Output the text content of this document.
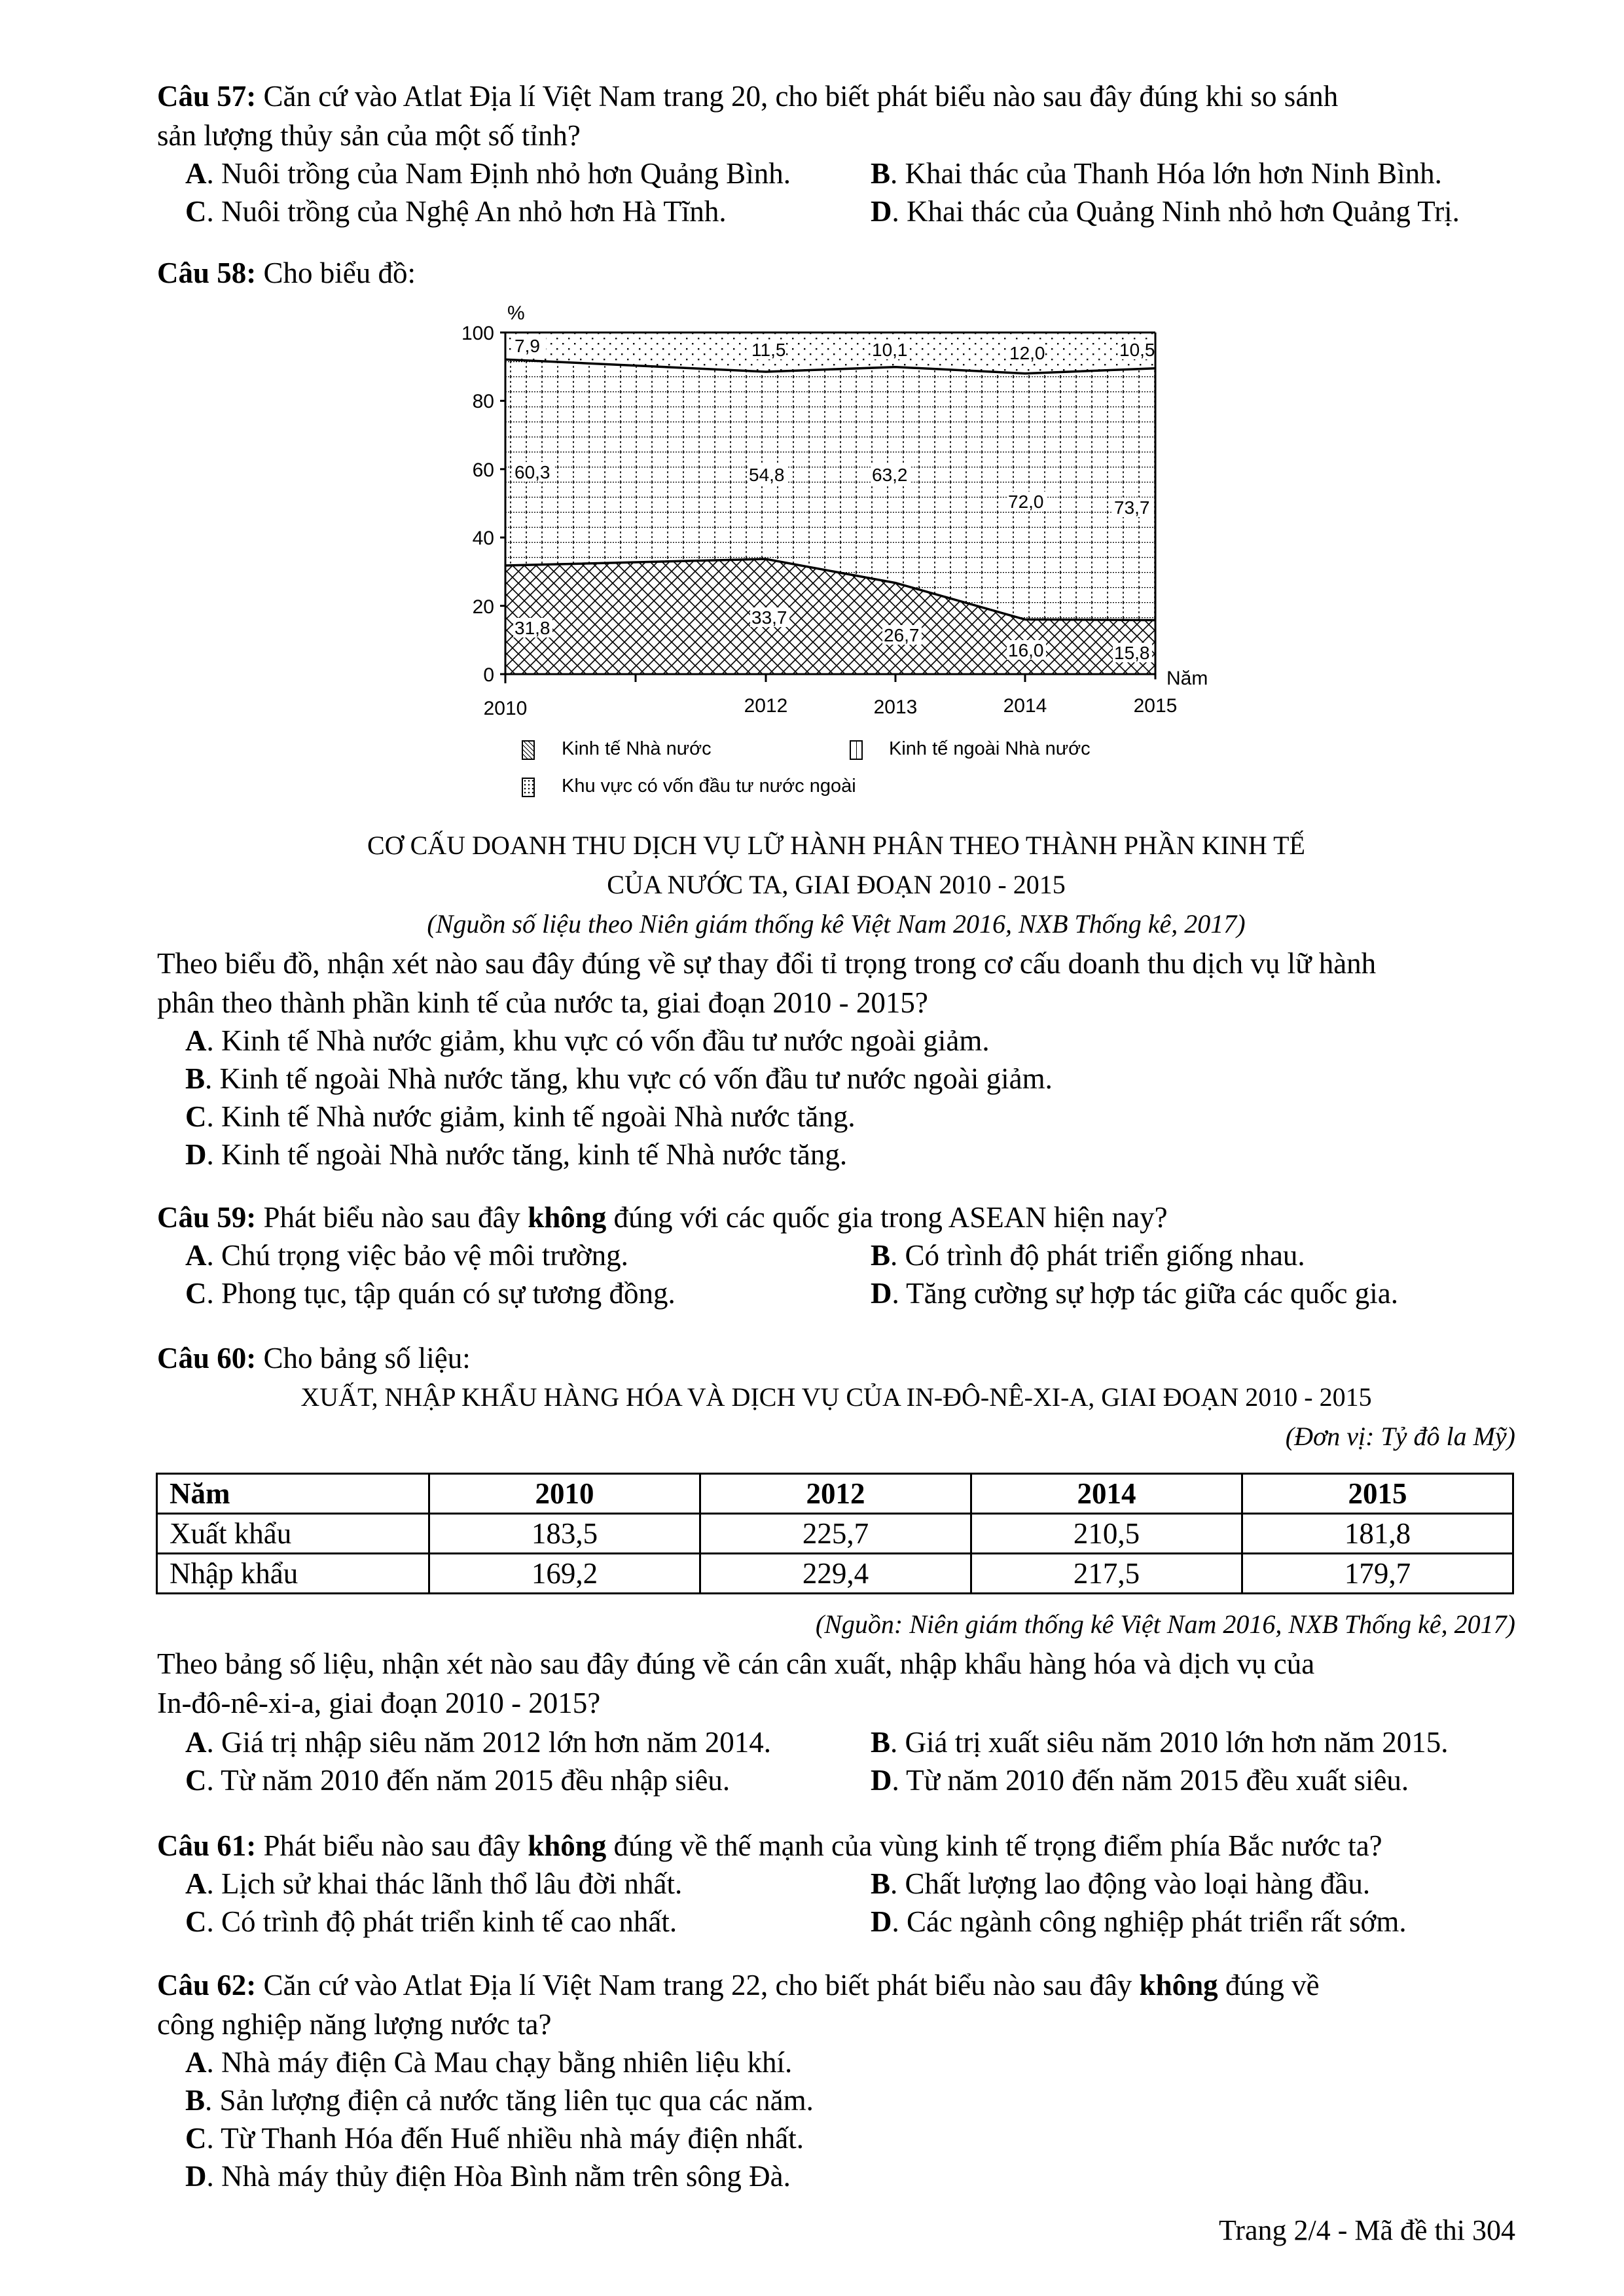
Câu 57: Căn cứ vào Atlat Địa lí Việt Nam trang 20, cho biết phát biểu nào sau đây đúng khi so sánh
sản lượng thủy sản của một số tỉnh?
A. Nuôi trồng của Nam Định nhỏ hơn Quảng Bình.	B. Khai thác của Thanh Hóa lớn hơn Ninh Bình.
C. Nuôi trồng của Nghệ An nhỏ hơn Hà Tĩnh.	D. Khai thác của Quảng Ninh nhỏ hơn Quảng Trị.
Câu 58: Cho biểu đồ:
%
100
80
60
40
20
0
2010	2012	2013	2014	2015
Năm
7,9	11,5	10,1	12,0	10,5
60,3	54,8	63,2
72,0	73,7
31,8
33,7
26,7
16,0	15,8
Kinh tế Nhà nước	Kinh tế ngoài Nhà nước
Khu vực có vốn đầu tư nước ngoài
CƠ CẤU DOANH THU DỊCH VỤ LỮ HÀNH PHÂN THEO THÀNH PHẦN KINH TẾ
CỦA NƯỚC TA, GIAI ĐOẠN 2010 - 2015
(Nguồn số liệu theo Niên giám thống kê Việt Nam 2016, NXB Thống kê, 2017)
Theo biểu đồ, nhận xét nào sau đây đúng về sự thay đổi tỉ trọng trong cơ cấu doanh thu dịch vụ lữ hành
phân theo thành phần kinh tế của nước ta, giai đoạn 2010 - 2015?
A. Kinh tế Nhà nước giảm, khu vực có vốn đầu tư nước ngoài giảm.
B. Kinh tế ngoài Nhà nước tăng, khu vực có vốn đầu tư nước ngoài giảm.
C. Kinh tế Nhà nước giảm, kinh tế ngoài Nhà nước tăng.
D. Kinh tế ngoài Nhà nước tăng, kinh tế Nhà nước tăng.
Câu 59: Phát biểu nào sau đây không đúng với các quốc gia trong ASEAN hiện nay?
A. Chú trọng việc bảo vệ môi trường.	B. Có trình độ phát triển giống nhau.
C. Phong tục, tập quán có sự tương đồng.	D. Tăng cường sự hợp tác giữa các quốc gia.
Câu 60: Cho bảng số liệu:
XUẤT, NHẬP KHẨU HÀNG HÓA VÀ DỊCH VỤ CỦA IN-ĐÔ-NÊ-XI-A, GIAI ĐOẠN 2010 - 2015
(Đơn vị: Tỷ đô la Mỹ)
Năm	2010	2012	2014	2015
Xuất khẩu	183,5	225,7	210,5	181,8
Nhập khẩu	169,2	229,4	217,5	179,7
(Nguồn: Niên giám thống kê Việt Nam 2016, NXB Thống kê, 2017)
Theo bảng số liệu, nhận xét nào sau đây đúng về cán cân xuất, nhập khẩu hàng hóa và dịch vụ của
In-đô-nê-xi-a, giai đoạn 2010 - 2015?
A. Giá trị nhập siêu năm 2012 lớn hơn năm 2014.	B. Giá trị xuất siêu năm 2010 lớn hơn năm 2015.
C. Từ năm 2010 đến năm 2015 đều nhập siêu.	D. Từ năm 2010 đến năm 2015 đều xuất siêu.
Câu 61: Phát biểu nào sau đây không đúng về thế mạnh của vùng kinh tế trọng điểm phía Bắc nước ta?
A. Lịch sử khai thác lãnh thổ lâu đời nhất.	B. Chất lượng lao động vào loại hàng đầu.
C. Có trình độ phát triển kinh tế cao nhất.	D. Các ngành công nghiệp phát triển rất sớm.
Câu 62: Căn cứ vào Atlat Địa lí Việt Nam trang 22, cho biết phát biểu nào sau đây không đúng về
công nghiệp năng lượng nước ta?
A. Nhà máy điện Cà Mau chạy bằng nhiên liệu khí.
B. Sản lượng điện cả nước tăng liên tục qua các năm.
C. Từ Thanh Hóa đến Huế nhiều nhà máy điện nhất.
D. Nhà máy thủy điện Hòa Bình nằm trên sông Đà.
Trang 2/4 - Mã đề thi 304
